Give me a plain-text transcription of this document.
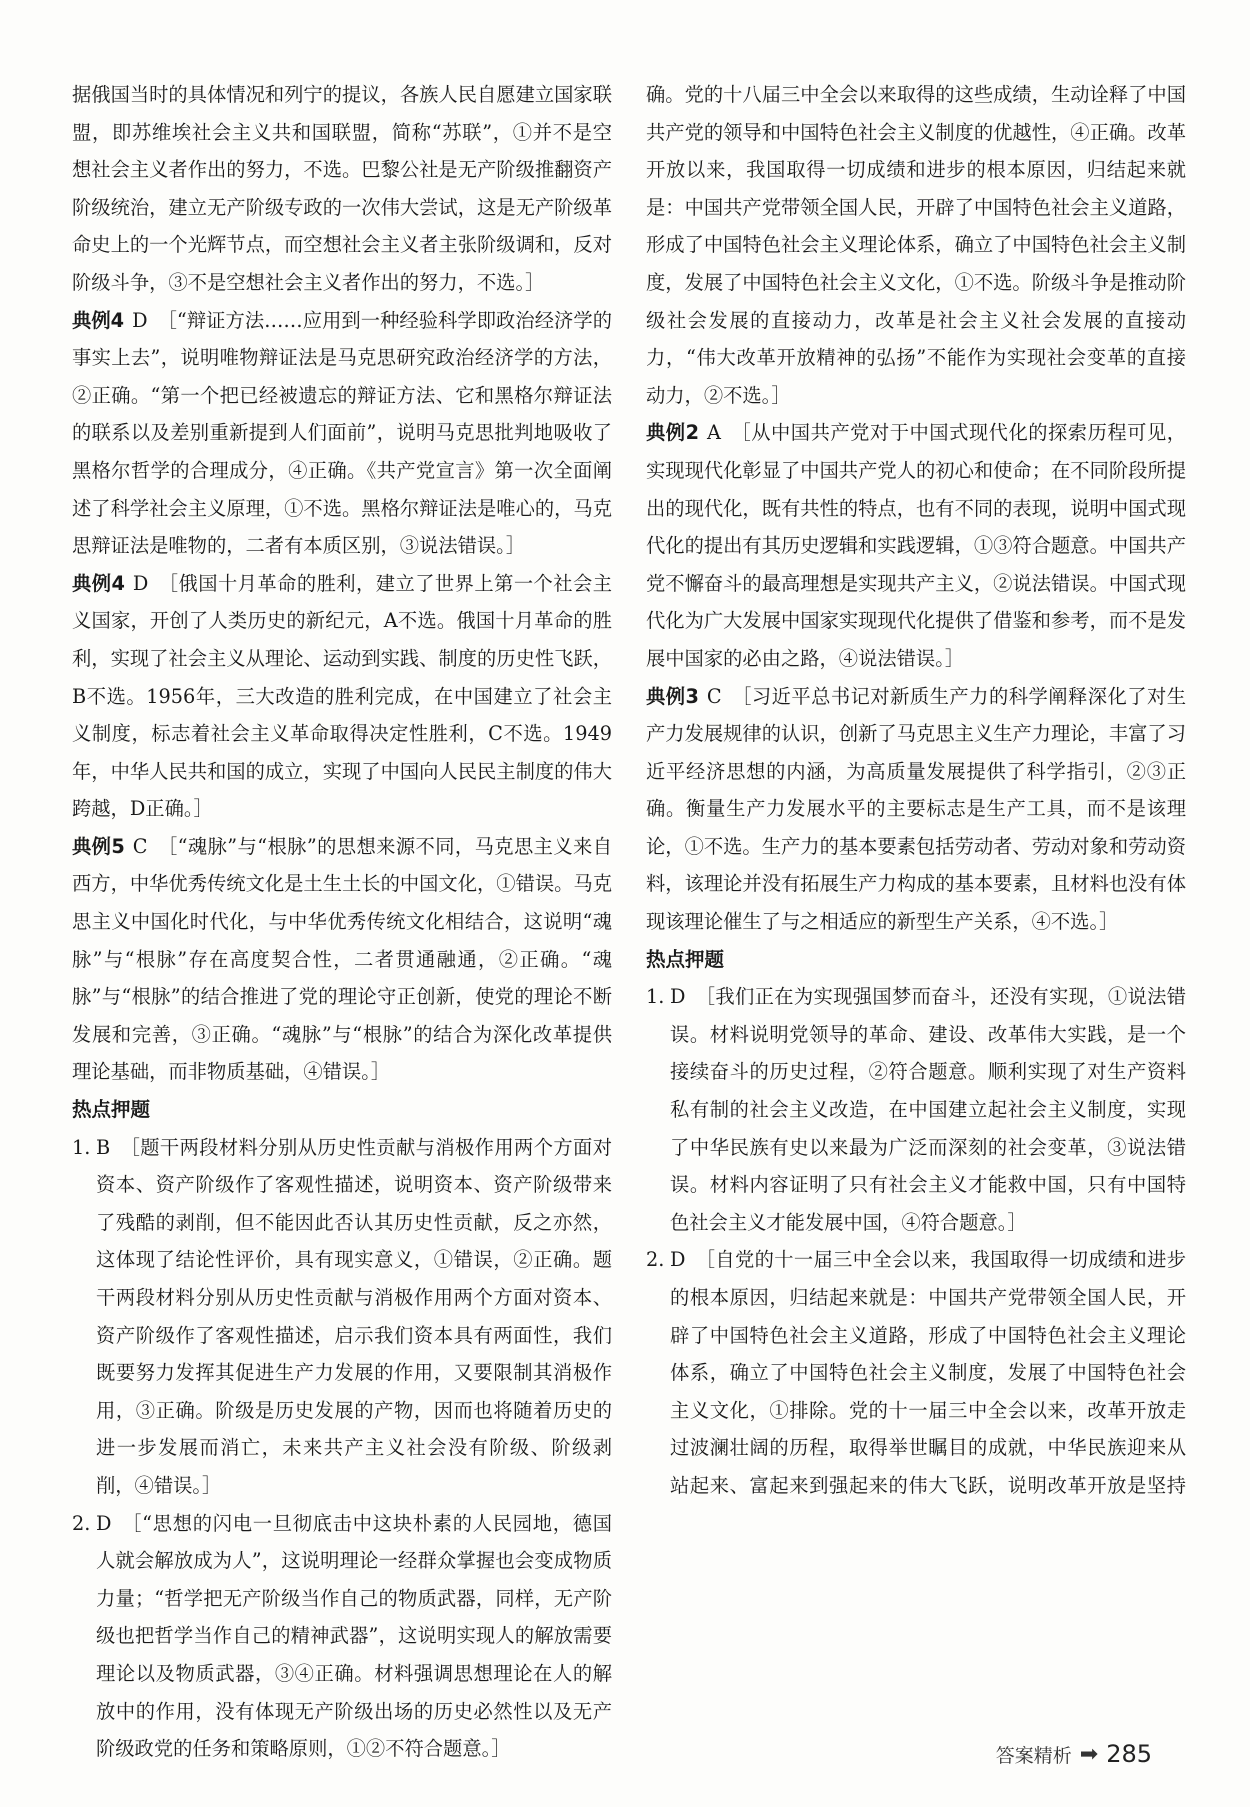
据俄国当时的具体情况和列宁的提议，各族人民自愿建立国家联盟，即苏维埃社会主义共和国联盟，简称“苏联”，①并不是空想社会主义者作出的努力，不选。巴黎公社是无产阶级推翻资产阶级统治，建立无产阶级专政的一次伟大尝试，这是无产阶级革命史上的一个光辉节点，而空想社会主义者主张阶级调和，反对阶级斗争，③不是空想社会主义者作出的努力，不选。］

典例4 D ［“辩证方法……应用到一种经验科学即政治经济学的事实上去”，说明唯物辩证法是马克思研究政治经济学的方法，②正确。“第一个把已经被遗忘的辩证方法、它和黑格尔辩证法的联系以及差别重新提到人们面前”，说明马克思批判地吸收了黑格尔哲学的合理成分，④正确。《共产党宣言》第一次全面阐述了科学社会主义原理，①不选。黑格尔辩证法是唯心的，马克思辩证法是唯物的，二者有本质区别，③说法错误。］

典例4 D ［俄国十月革命的胜利，建立了世界上第一个社会主义国家，开创了人类历史的新纪元，A不选。俄国十月革命的胜利，实现了社会主义从理论、运动到实践、制度的历史性飞跃，B不选。1956年，三大改造的胜利完成，在中国建立了社会主义制度，标志着社会主义革命取得决定性胜利，C不选。1949年，中华人民共和国的成立，实现了中国向人民民主制度的伟大跨越，D正确。］

典例5 C ［“魂脉”与“根脉”的思想来源不同，马克思主义来自西方，中华优秀传统文化是土生土长的中国文化，①错误。马克思主义中国化时代化，与中华优秀传统文化相结合，这说明“魂脉”与“根脉”存在高度契合性，二者贯通融通，②正确。“魂脉”与“根脉”的结合推进了党的理论守正创新，使党的理论不断发展和完善，③正确。“魂脉”与“根脉”的结合为深化改革提供理论基础，而非物质基础，④错误。］

热点押题

1. B ［题干两段材料分别从历史性贡献与消极作用两个方面对资本、资产阶级作了客观性描述，说明资本、资产阶级带来了残酷的剥削，但不能因此否认其历史性贡献，反之亦然，这体现了结论性评价，具有现实意义，①错误，②正确。题干两段材料分别从历史性贡献与消极作用两个方面对资本、资产阶级作了客观性描述，启示我们资本具有两面性，我们既要努力发挥其促进生产力发展的作用，又要限制其消极作用，③正确。阶级是历史发展的产物，因而也将随着历史的进一步发展而消亡，未来共产主义社会没有阶级、阶级剥削，④错误。］

2. D ［“思想的闪电一旦彻底击中这块朴素的人民园地，德国人就会解放成为人”，这说明理论一经群众掌握也会变成物质力量；“哲学把无产阶级当作自己的物质武器，同样，无产阶级也把哲学当作自己的精神武器”，这说明实现人的解放需要理论以及物质武器，③④正确。材料强调思想理论在人的解放中的作用，没有体现无产阶级出场的历史必然性以及无产阶级政党的任务和策略原则，①②不符合题意。］

确。党的十八届三中全会以来取得的这些成绩，生动诠释了中国共产党的领导和中国特色社会主义制度的优越性，④正确。改革开放以来，我国取得一切成绩和进步的根本原因，归结起来就是：中国共产党带领全国人民，开辟了中国特色社会主义道路，形成了中国特色社会主义理论体系，确立了中国特色社会主义制度，发展了中国特色社会主义文化，①不选。阶级斗争是推动阶级社会发展的直接动力，改革是社会主义社会发展的直接动力，“伟大改革开放精神的弘扬”不能作为实现社会变革的直接动力，②不选。］

典例2 A ［从中国共产党对于中国式现代化的探索历程可见，实现现代化彰显了中国共产党人的初心和使命；在不同阶段所提出的现代化，既有共性的特点，也有不同的表现，说明中国式现代化的提出有其历史逻辑和实践逻辑，①③符合题意。中国共产党不懈奋斗的最高理想是实现共产主义，②说法错误。中国式现代化为广大发展中国家实现现代化提供了借鉴和参考，而不是发展中国家的必由之路，④说法错误。］

典例3 C ［习近平总书记对新质生产力的科学阐释深化了对生产力发展规律的认识，创新了马克思主义生产力理论，丰富了习近平经济思想的内涵，为高质量发展提供了科学指引，②③正确。衡量生产力发展水平的主要标志是生产工具，而不是该理论，①不选。生产力的基本要素包括劳动者、劳动对象和劳动资料，该理论并没有拓展生产力构成的基本要素，且材料也没有体现该理论催生了与之相适应的新型生产关系，④不选。］

热点押题

1. D ［我们正在为实现强国梦而奋斗，还没有实现，①说法错误。材料说明党领导的革命、建设、改革伟大实践，是一个接续奋斗的历史过程，②符合题意。顺利实现了对生产资料私有制的社会主义改造，在中国建立起社会主义制度，实现了中华民族有史以来最为广泛而深刻的社会变革，③说法错误。材料内容证明了只有社会主义才能救中国，只有中国特色社会主义才能发展中国，④符合题意。］

2. D ［自党的十一届三中全会以来，我国取得一切成绩和进步的根本原因，归结起来就是：中国共产党带领全国人民，开辟了中国特色社会主义道路，形成了中国特色社会主义理论体系，确立了中国特色社会主义制度，发展了中国特色社会主义文化，①排除。党的十一届三中全会以来，改革开放走过波澜壮阔的历程，取得举世瞩目的成就，中华民族迎来从站起来、富起来到强起来的伟大飞跃，说明改革开放是坚持

答案精析 ➡ 285
